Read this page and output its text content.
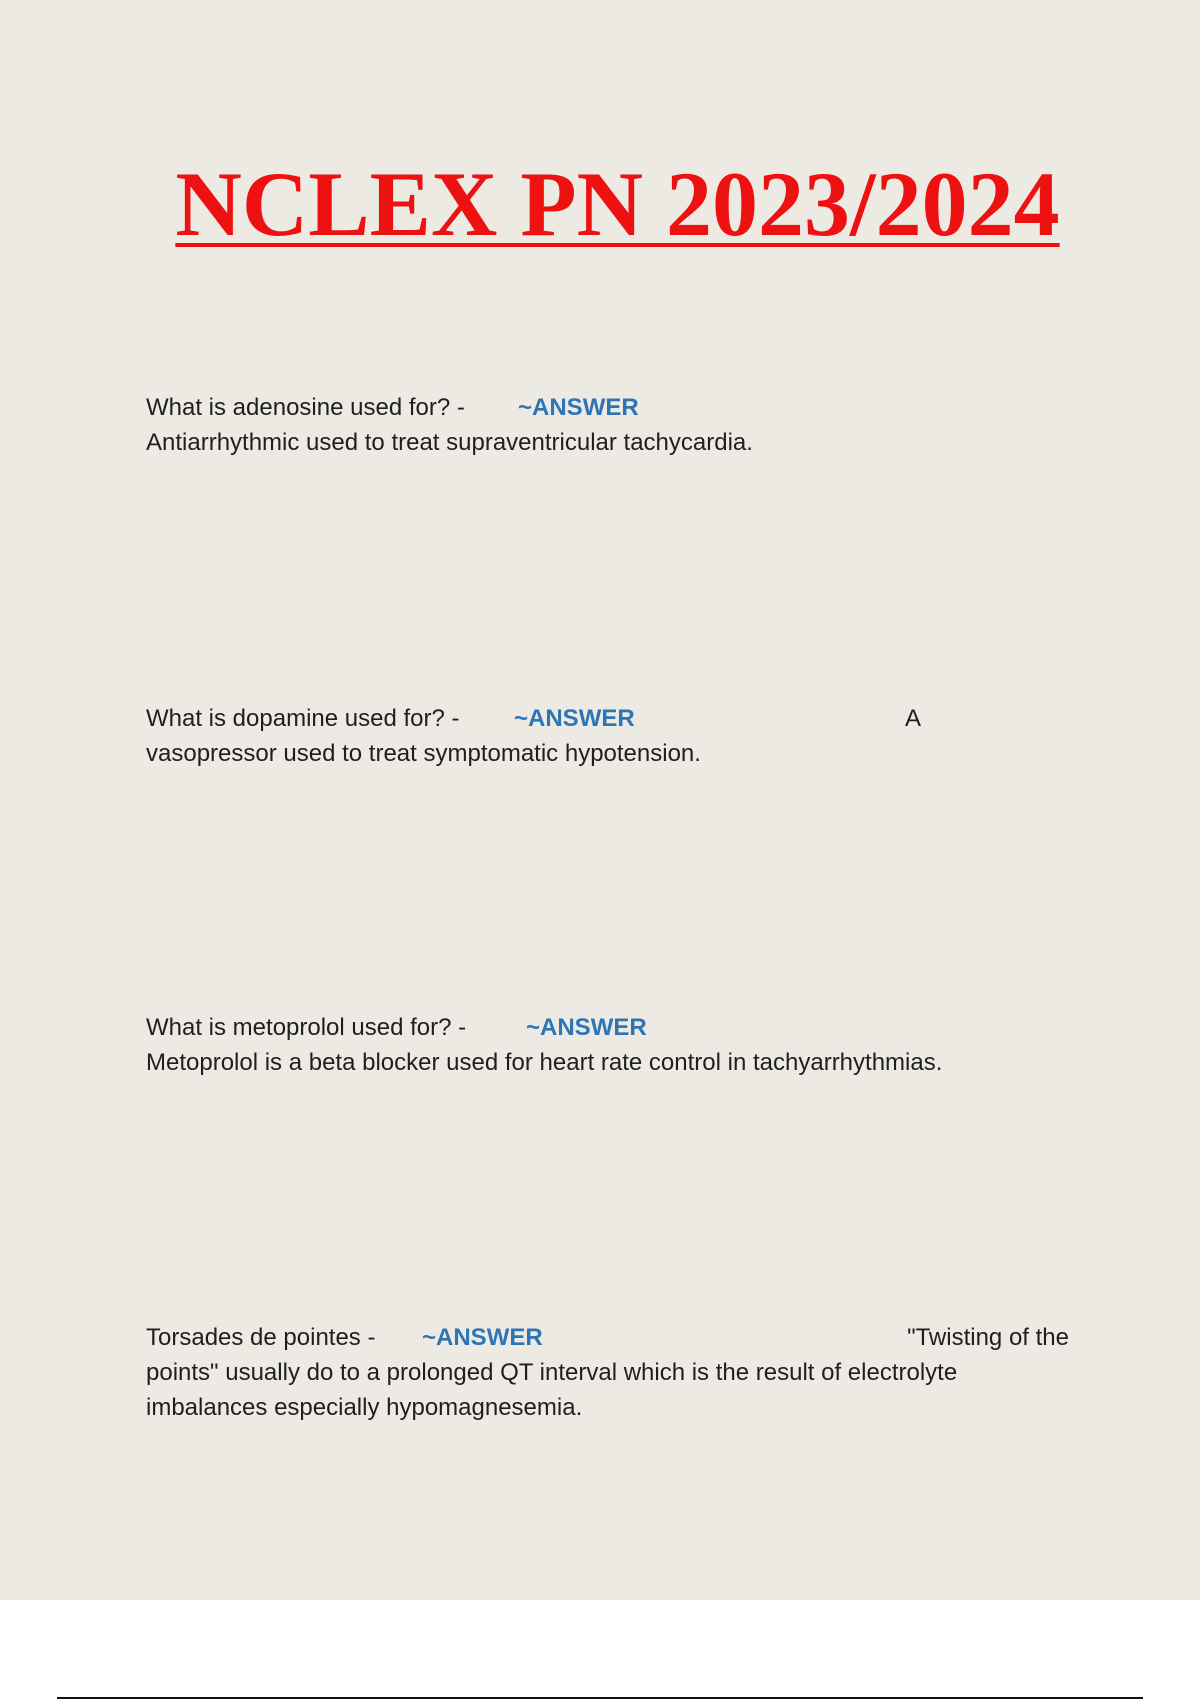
NCLEX PN 2023/2024
What is adenosine used for? - ~ANSWER
Antiarrhythmic used to treat supraventricular tachycardia.
What is dopamine used for? - ~ANSWER	A
vasopressor used to treat symptomatic hypotension.
What is metoprolol used for? - ~ANSWER
Metoprolol is a beta blocker used for heart rate control in tachyarrhythmias.
Torsades de pointes - ~ANSWER	"Twisting of the
points" usually do to a prolonged QT interval which is the result of electrolyte imbalances especially hypomagnesemia.
